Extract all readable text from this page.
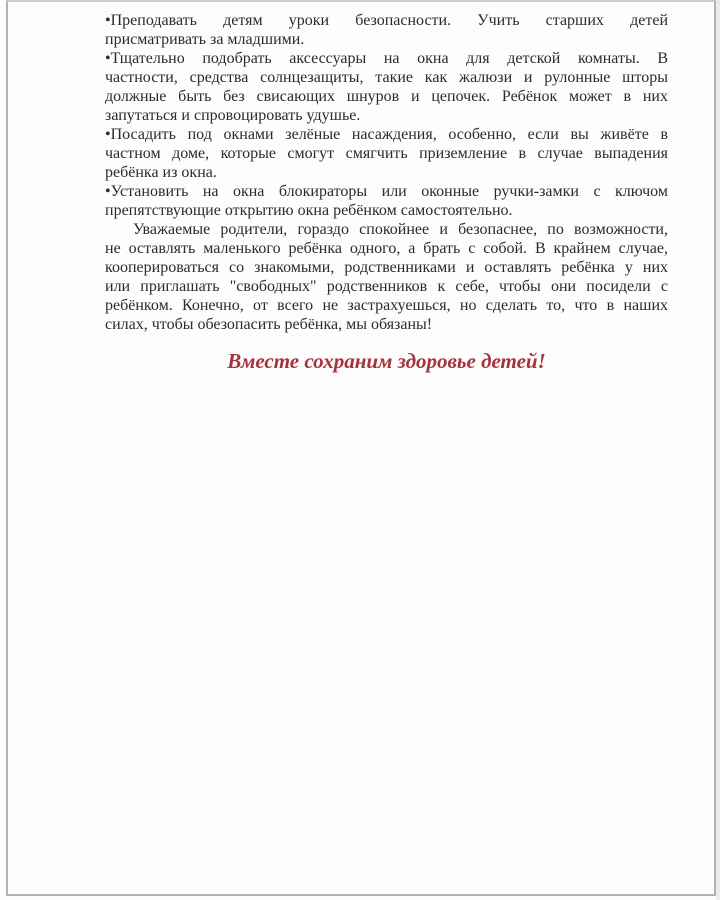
•Преподавать детям уроки безопасности. Учить старших детей
присматривать за младшими.
•Тщательно подобрать аксессуары на окна для детской комнаты. В
частности, средства солнцезащиты, такие как жалюзи и рулонные шторы
должные быть без свисающих шнуров и цепочек. Ребёнок может в них
запутаться и спровоцировать удушье.
•Посадить под окнами зелёные насаждения, особенно, если вы живёте в
частном доме, которые смогут смягчить приземление в случае выпадения
ребёнка из окна.
•Установить на окна блокираторы или оконные ручки-замки с ключом
препятствующие открытию окна ребёнком самостоятельно.
Уважаемые родители, гораздо спокойнее и безопаснее, по возможности,
не оставлять маленького ребёнка одного, а брать с собой. В крайнем случае,
кооперироваться со знакомыми, родственниками и оставлять ребёнка у них
или приглашать "свободных" родственников к себе, чтобы они посидели с
ребёнком. Конечно, от всего не застрахуешься, но сделать то, что в наших
силах, чтобы обезопасить ребёнка, мы обязаны!
Вместе сохраним здоровье детей!
